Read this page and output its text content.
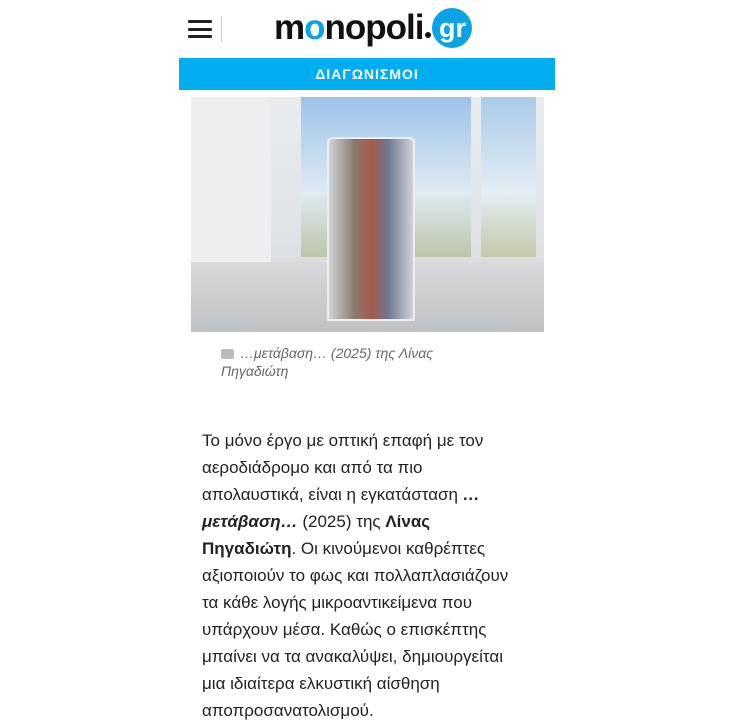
m o nopoli gr
ΔΙΑΓΩΝΙΣΜΟΙ
…μετάβαση… (2025) της Λίνας Πηγαδιώτη

Το μόνο έργο με οπτική επαφή με τον αεροδιάδρομο και από τα πιο απολαυστικά, είναι η εγκατάσταση … μετάβαση… (2025) της Λίνας Πηγαδιώτη. Οι κινούμενοι καθρέπτες αξιοποιούν το φως και πολλαπλασιάζουν τα κάθε λογής μικροαντικείμενα που υπάρχουν μέσα. Καθώς ο επισκέπτης μπαίνει να τα ανακαλύψει, δημιουργείται μια ιδιαίτερα ελκυστική αίσθηση αποπροσανατολισμού.
